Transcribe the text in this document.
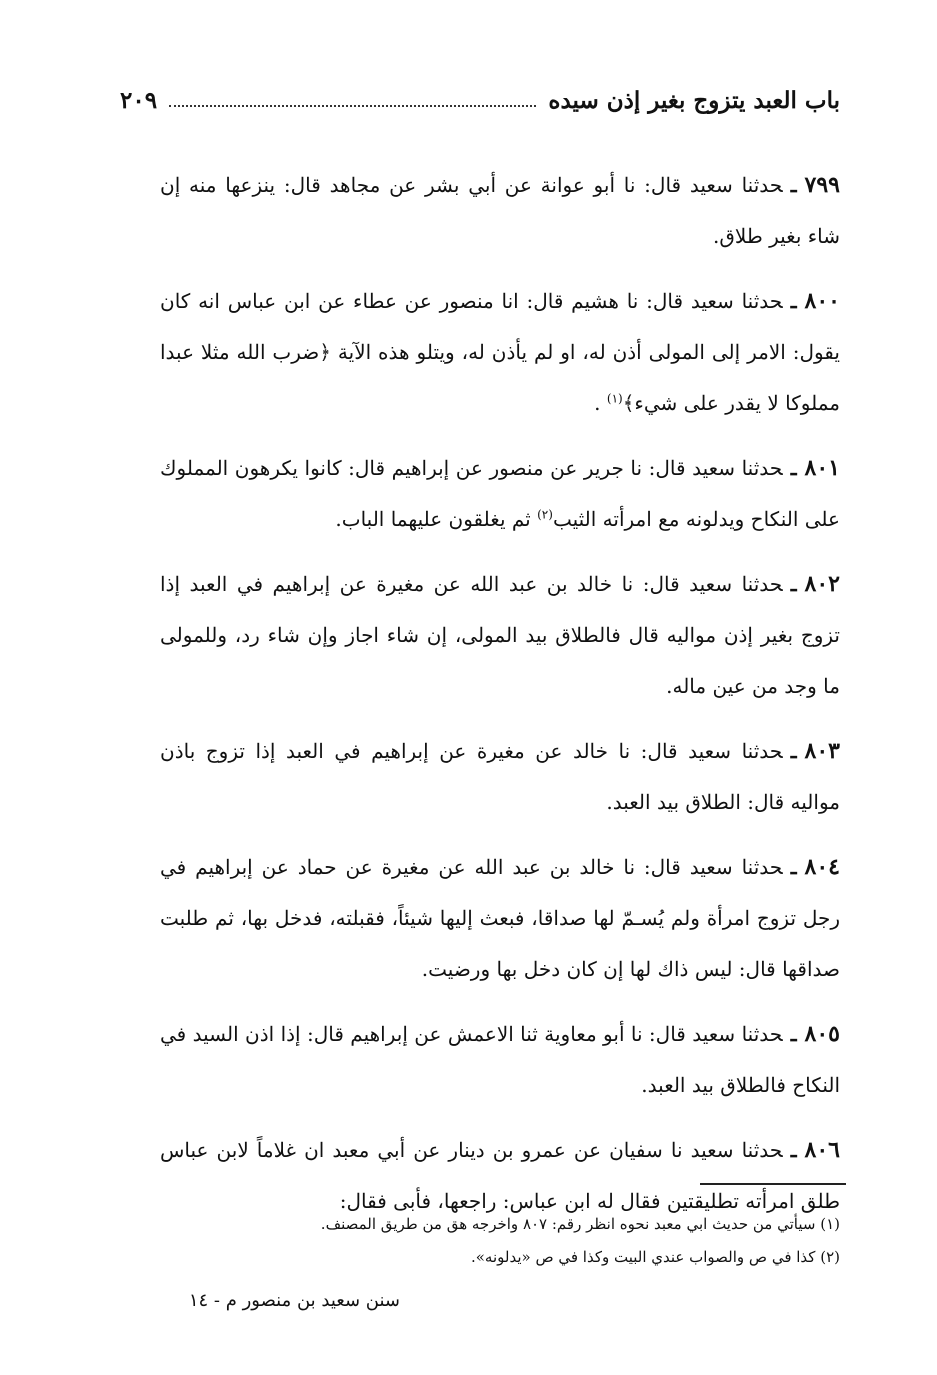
باب العبد يتزوج بغير إذن سيده
٢٠٩

٧٩٩ـحدثنا سعيد قال: نا أبو عوانة عن أبي بشر عن مجاهد قال: ينزعها منه إن شاء بغير طلاق.

٨٠٠ـحدثنا سعيد قال: نا هشيم قال: انا منصور عن عطاء عن ابن عباس انه كان يقول: الامر إلى المولى أذن له، او لم يأذن له، ويتلو هذه الآية ﴿ضرب الله مثلا عبدا مملوكا لا يقدر على شيء﴾$^{(١)}$ .

٨٠١ـحدثنا سعيد قال: نا جرير عن منصور عن إبراهيم قال: كانوا يكرهون المملوك على النكاح ويدلونه مع امرأته الثيب$^{(٢)}$ ثم يغلقون عليهما الباب.

٨٠٢ـحدثنا سعيد قال: نا خالد بن عبد الله عن مغيرة عن إبراهيم في العبد إذا تزوج بغير إذن مواليه قال فالطلاق بيد المولى، إن شاء اجاز وإن شاء رد، وللمولى ما وجد من عين ماله.

٨٠٣ـحدثنا سعيد قال: نا خالد عن مغيرة عن إبراهيم في العبد إذا تزوج باذن مواليه قال: الطلاق بيد العبد.

٨٠٤ـحدثنا سعيد قال: نا خالد بن عبد الله عن مغيرة عن حماد عن إبراهيم في رجل تزوج امرأة ولم يُسـمّ لها صداقا، فبعث إليها شيئاً، فقبلته، فدخل بها، ثم طلبت صداقها قال: ليس ذاك لها إن كان دخل بها ورضيت.

٨٠٥ـحدثنا سعيد قال: نا أبو معاوية ثنا الاعمش عن إبراهيم قال: إذا اذن السيد في النكاح فالطلاق بيد العبد.

٨٠٦ـحدثنا سعيد نا سفيان عن عمرو بن دينار عن أبي معبد ان غلاماً لابن عباس طلق امرأته تطليقتين فقال له ابن عباس: راجعها، فأبى فقال:

(١) سيأتي من حديث ابي معبد نحوه انظر رقم: ٨٠٧ واخرجه هق من طريق المصنف.

(٢) كذا في ص والصواب عندي البيت وكذا في ص «يدلونه».

سنن سعيد بن منصور م - ١٤
